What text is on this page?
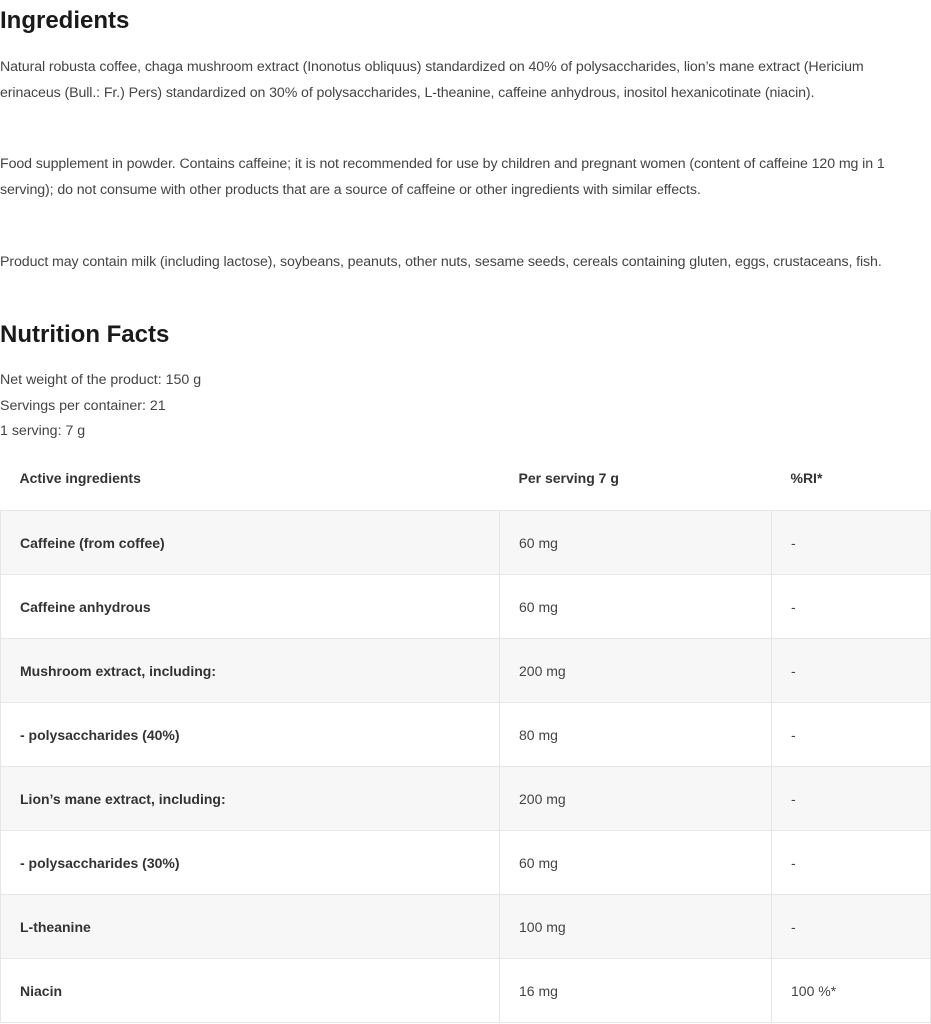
Ingredients

Natural robusta coffee, chaga mushroom extract (Inonotus obliquus) standardized on 40% of polysaccharides, lion’s mane extract (Hericium erinaceus (Bull.: Fr.) Pers) standardized on 30% of polysaccharides, L-theanine, caffeine anhydrous, inositol hexanicotinate (niacin).

Food supplement in powder. Contains caffeine; it is not recommended for use by children and pregnant women (content of caffeine 120 mg in 1 serving); do not consume with other products that are a source of caffeine or other ingredients with similar effects.

Product may contain milk (including lactose), soybeans, peanuts, other nuts, sesame seeds, cereals containing gluten, eggs, crustaceans, fish.

Nutrition Facts
Net weight of the product: 150 g
Servings per container: 21
1 serving: 7 g
Active ingredients	Per serving 7 g	%RI*
Caffeine (from coffee)	60 mg	-
Caffeine anhydrous	60 mg	-
Mushroom extract, including:	200 mg	-
- polysaccharides (40%)	80 mg	-
Lion’s mane extract, including:	200 mg	-
- polysaccharides (30%)	60 mg	-
L-theanine	100 mg	-
Niacin	16 mg	100 %*
